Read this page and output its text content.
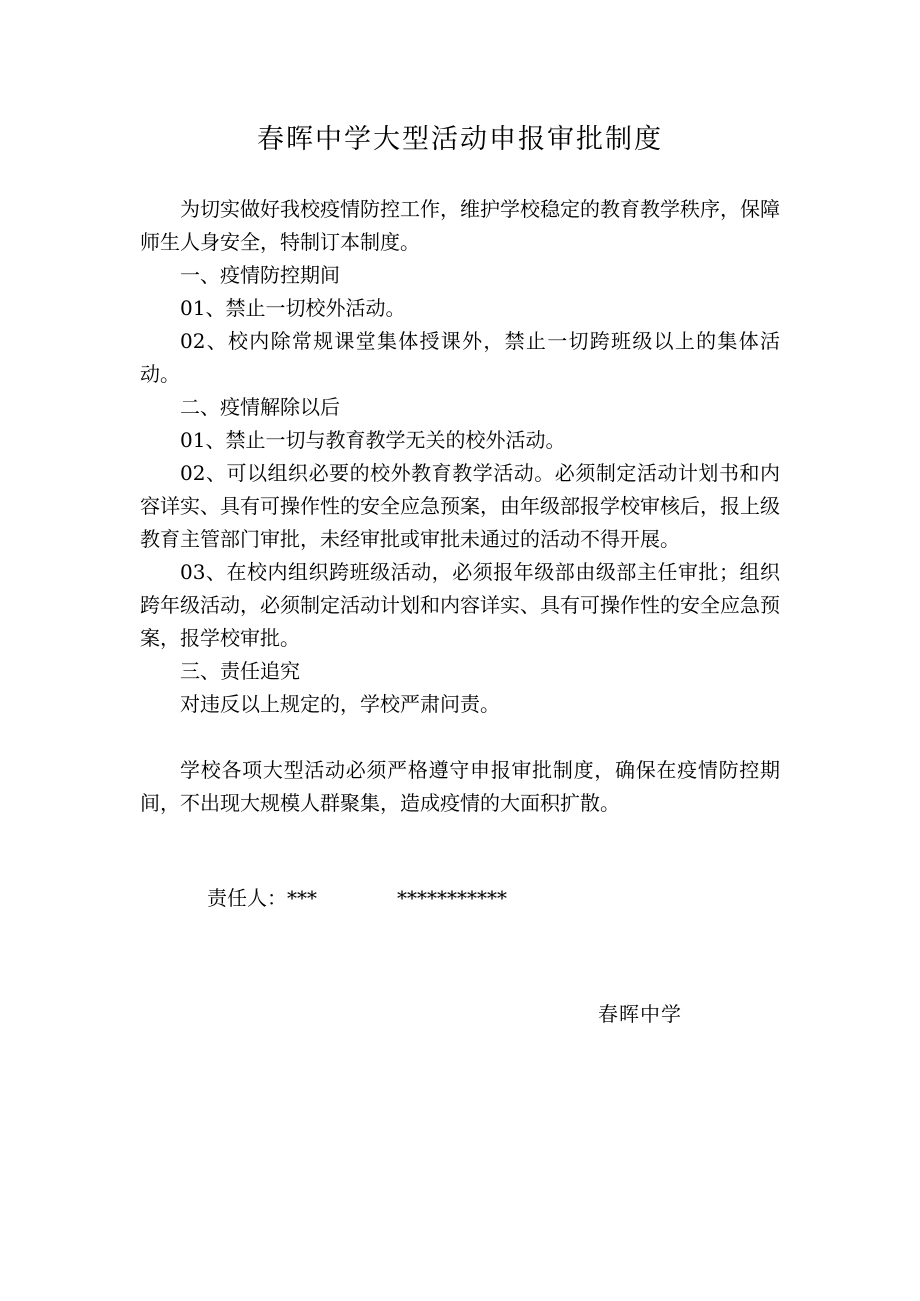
春晖中学大型活动申报审批制度

为切实做好我校疫情防控工作，维护学校稳定的教育教学秩序，保障师生人身安全，特制订本制度。

一、疫情防控期间

01、禁止一切校外活动。

02、校内除常规课堂集体授课外，禁止一切跨班级以上的集体活动。

二、疫情解除以后

01、禁止一切与教育教学无关的校外活动。

02、可以组织必要的校外教育教学活动。必须制定活动计划书和内容详实、具有可操作性的安全应急预案，由年级部报学校审核后，报上级教育主管部门审批，未经审批或审批未通过的活动不得开展。

03、在校内组织跨班级活动，必须报年级部由级部主任审批；组织跨年级活动，必须制定活动计划和内容详实、具有可操作性的安全应急预案，报学校审批。

三、责任追究

对违反以上规定的，学校严肃问责。

学校各项大型活动必须严格遵守申报审批制度，确保在疫情防控期间，不出现大规模人群聚集，造成疫情的大面积扩散。

责任人：***	***********
春晖中学
